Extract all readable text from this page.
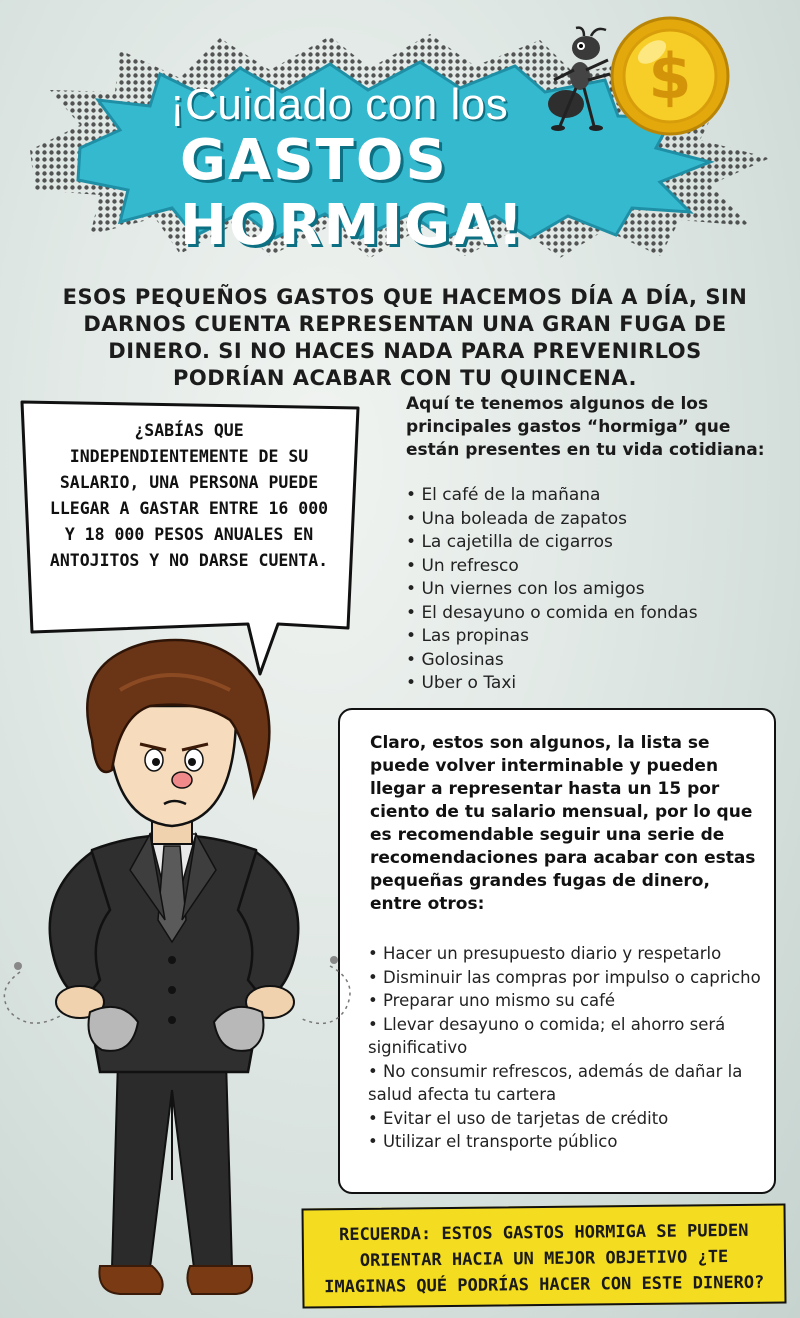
¡Cuidado con los
GASTOS HORMIGA!
$
ESOS PEQUEÑOS GASTOS QUE HACEMOS DÍA A DÍA, SIN DARNOS CUENTA REPRESENTAN UNA GRAN FUGA DE DINERO. SI NO HACES NADA PARA PREVENIRLOS PODRÍAN ACABAR CON TU QUINCENA.
¿SABÍAS QUE INDEPENDIENTEMENTE DE SU SALARIO, UNA PERSONA PUEDE LLEGAR A GASTAR ENTRE 16 000 Y 18 000 PESOS ANUALES EN ANTOJITOS Y NO DARSE CUENTA.
Aquí te tenemos algunos de los principales gastos “hormiga” que están presentes en tu vida cotidiana:
• El café de la mañana
• Una boleada de zapatos
• La cajetilla de cigarros
• Un refresco
• Un viernes con los amigos
• El desayuno o comida en fondas
• Las propinas
• Golosinas
• Uber o Taxi
Claro, estos son algunos, la lista se puede volver interminable y pueden llegar a representar hasta un 15 por ciento de tu salario mensual, por lo que es recomendable seguir una serie de recomendaciones para acabar con estas pequeñas grandes fugas de dinero, entre otros:
• Hacer un presupuesto diario y respetarlo
• Disminuir las compras por impulso o capricho
• Preparar uno mismo su café
• Llevar desayuno o comida; el ahorro será significativo
• No consumir refrescos, además de dañar la salud afecta tu cartera
• Evitar el uso de tarjetas de crédito
• Utilizar el transporte público
RECUERDA: ESTOS GASTOS HORMIGA SE PUEDEN ORIENTAR HACIA UN MEJOR OBJETIVO ¿TE IMAGINAS QUÉ PODRÍAS HACER CON ESTE DINERO?
